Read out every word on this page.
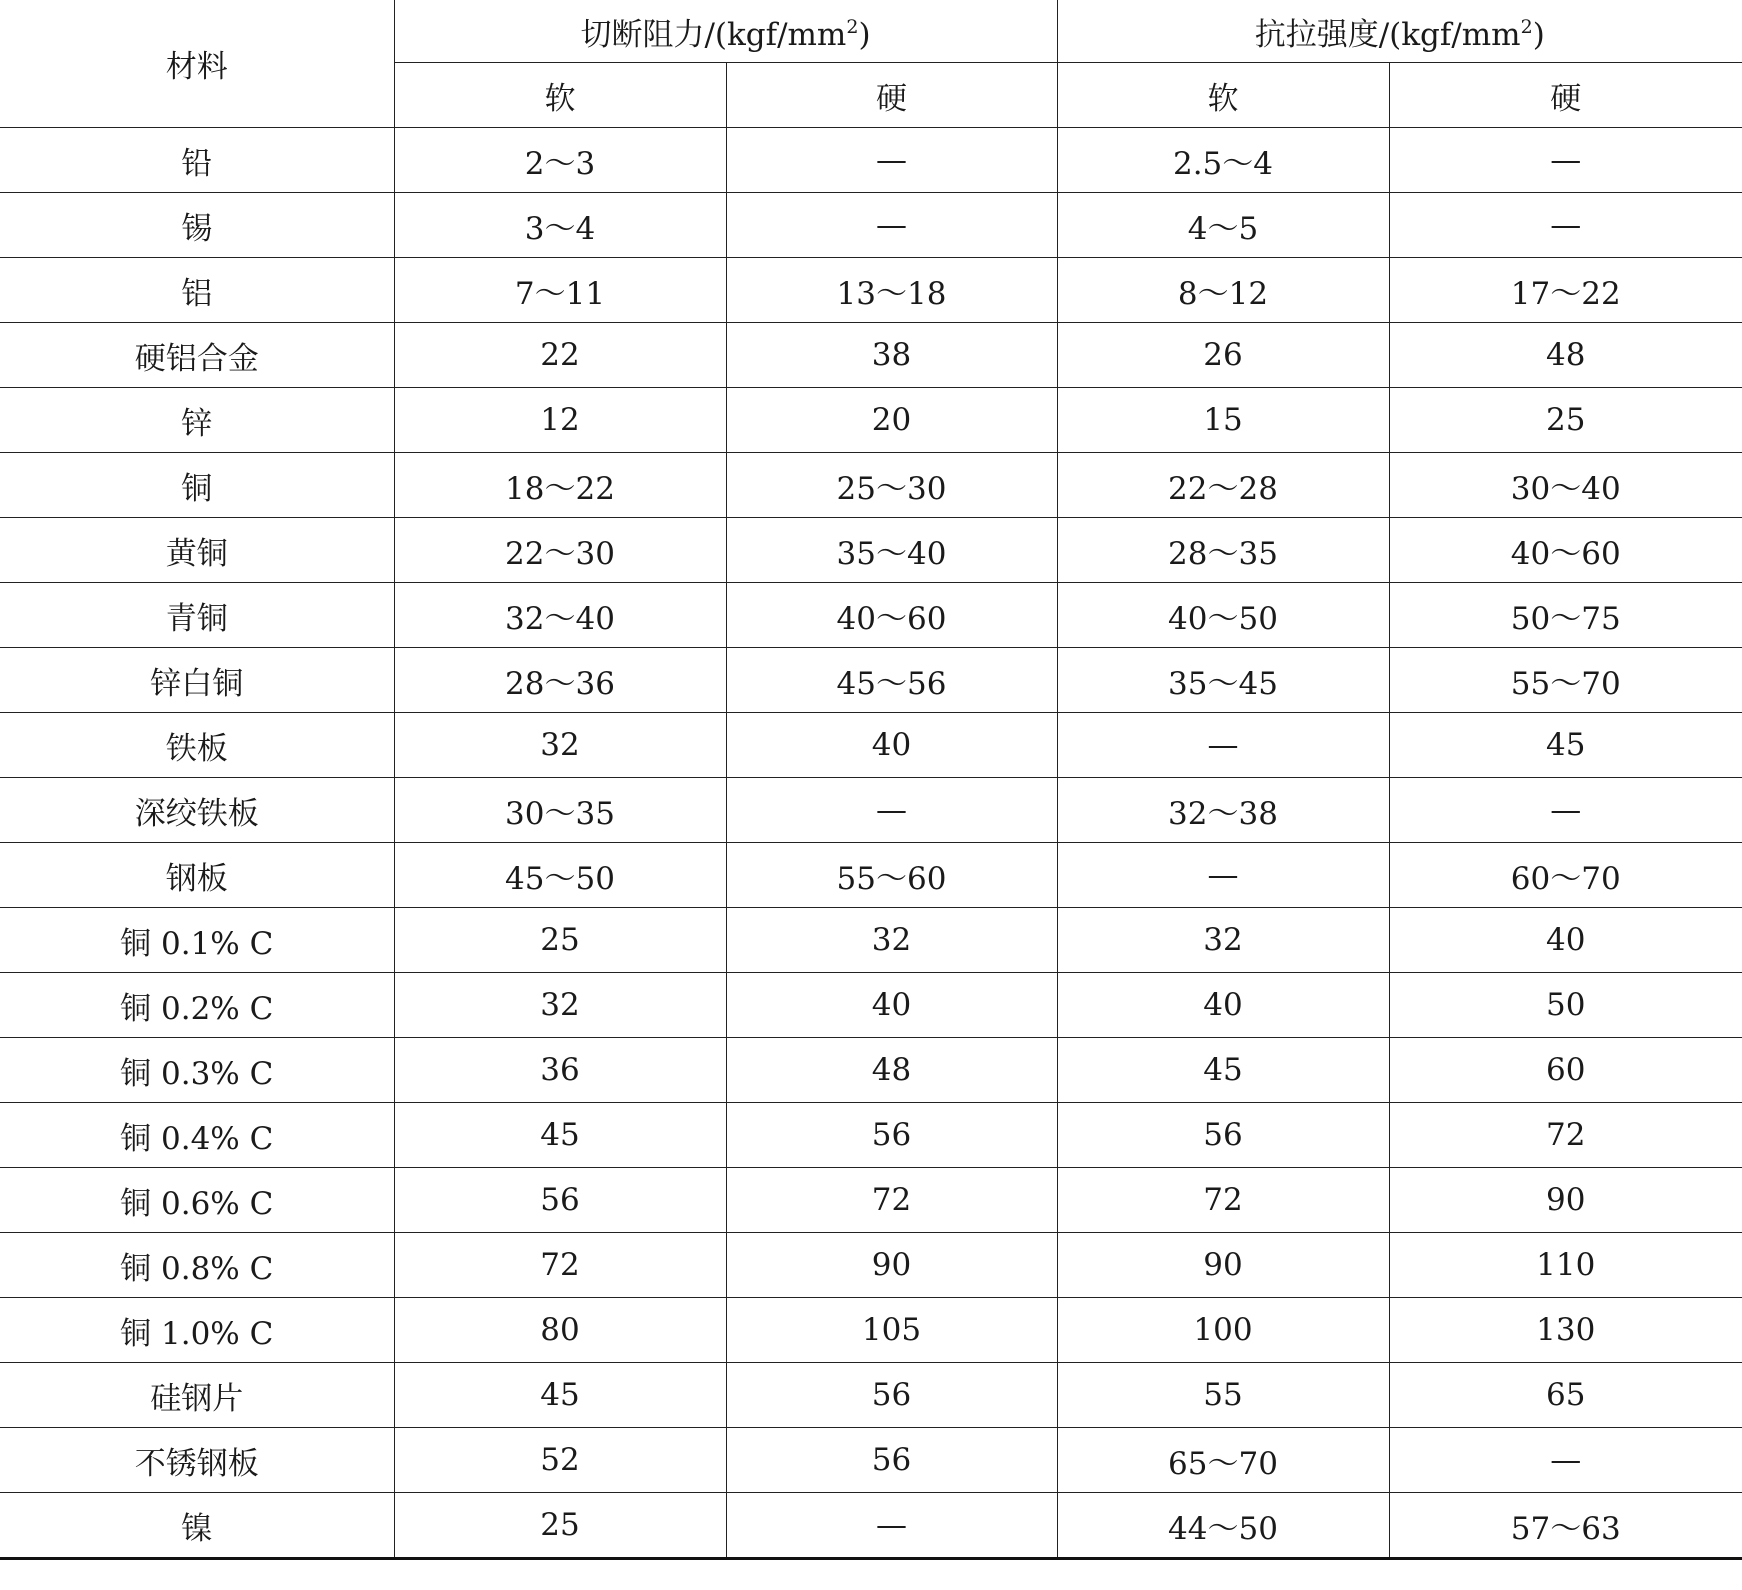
材料	切断阻力$/(kgf/mm^2)$		抗拉强度$/(kgf/mm^2)$	
	软	硬	软	硬
铅	2～3	—	2.5～4	—
锡	3～4	—	4～5	—
铝	7～11	13～18	8～12	17～22
硬铝合金	22	38	26	48
锌	12	20	15	25
铜	18～22	25～30	22～28	30～40
黄铜	22～30	35～40	28～35	40～60
青铜	32～40	40～60	40～50	50～75
锌白铜	28～36	45～56	35～45	55～70
铁板	32	40	—	45
深绞铁板	30～35	—	32～38	—
钢板	45～50	55～60	—	60～70
铜 0.1% C	25	32	32	40
铜 0.2% C	32	40	40	50
铜 0.3% C	36	48	45	60
铜 0.4% C	45	56	56	72
铜 0.6% C	56	72	72	90
铜 0.8% C	72	90	90	110
铜 1.0% C	80	105	100	130
硅钢片	45	56	55	65
不锈钢板	52	56	65～70	—
镍	25	—	44～50	57～63
